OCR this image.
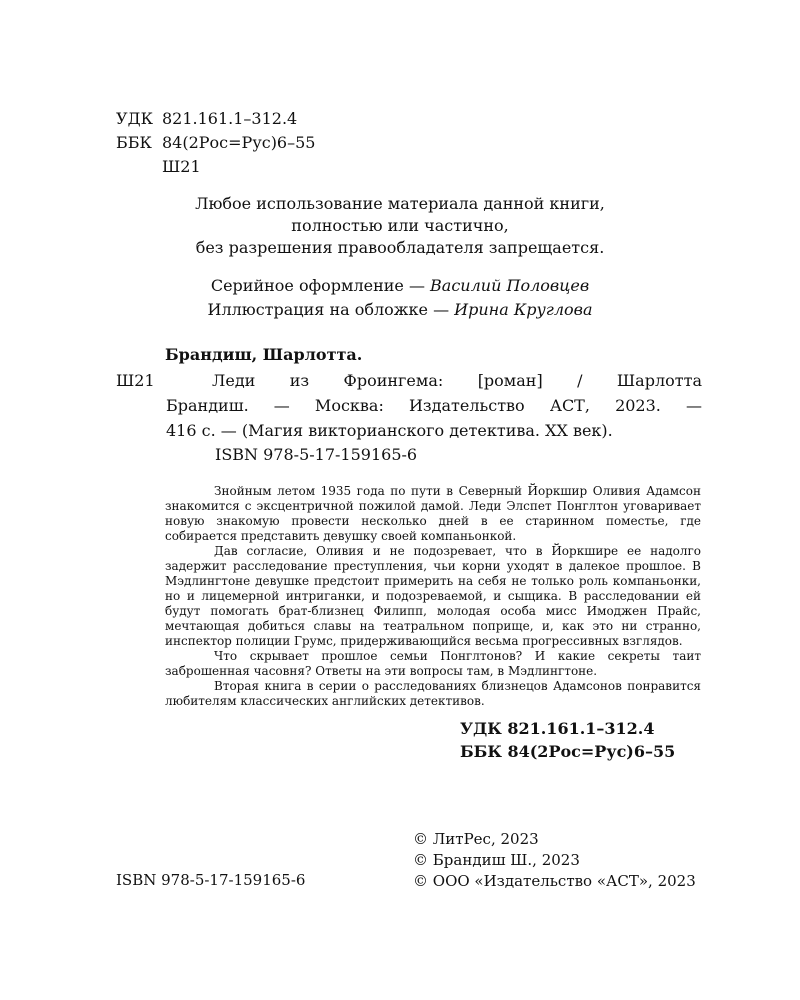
УДК 821.161.1–312.4
ББК 84(2Рос=Рус)6–55
Ш21
Любое использование материала данной книги,
полностью или частично,
без разрешения правообладателя запрещается.
Серийное оформление — Василий Половцев
Иллюстрация на обложке — Ирина Круглова
Брандиш, Шарлотта.
Ш21	Леди из Фроингема: [роман] / Шарлотта

Брандиш. — Москва: Издательство АСТ, 2023. —

416 с. — (Магия викторианского детектива. XX век).

ISBN 978-5-17-159165-6

Знойным летом 1935 года по пути в Северный Йоркшир Оливия Адамсон знакомится с эксцентричной пожилой дамой. Леди Элспет Понглтон уговаривает новую знакомую провести несколько дней в ее старинном поместье, где собирается представить девушку своей компаньонкой.

Дав согласие, Оливия и не подозревает, что в Йоркшире ее надолго задержит расследование преступления, чьи корни уходят в далекое прошлое. В Мэдлингтоне девушке предстоит примерить на себя не только роль компаньонки, но и лицемерной интриганки, и подозреваемой, и сыщика. В расследовании ей будут помогать брат-близнец Филипп, молодая особа мисс Имоджен Прайс, мечтающая добиться славы на театральном поприще, и, как это ни странно, инспектор полиции Грумс, придерживающийся весьма прогрессивных взглядов.

Что скрывает прошлое семьи Понглтонов? И какие секреты таит заброшенная часовня? Ответы на эти вопросы там, в Мэдлингтоне.

Вторая книга в серии о расследованиях близнецов Адамсонов понравится любителям классических английских детективов.

УДК 821.161.1–312.4
ББК 84(2Рос=Рус)6–55
© ЛитРес, 2023
© Брандиш Ш., 2023
© ООО «Издательство «АСТ», 2023
ISBN 978-5-17-159165-6
